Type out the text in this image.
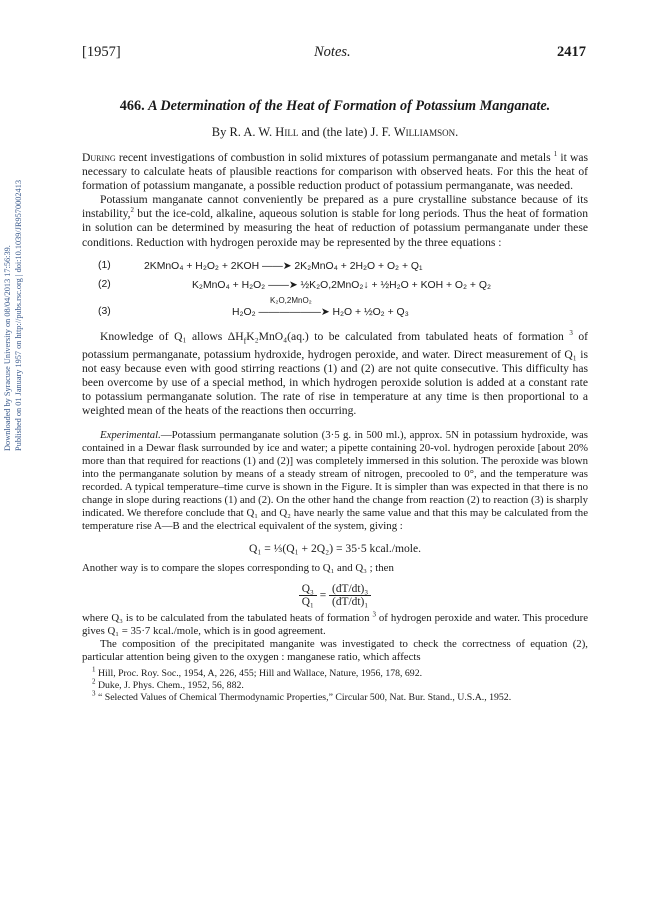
Downloaded by Syracuse University on 08/04/2013 17:56:39. Published on 01 January 1957 on http://pubs.rsc.org | doi:10.1039/JR9570002413
[1957]	Notes.	2417
466. A Determination of the Heat of Formation of Potassium Manganate.
By R. A. W. Hill and (the late) J. F. Williamson.

During recent investigations of combustion in solid mixtures of potassium permanganate and metals $^1$ it was necessary to calculate heats of plausible reactions for comparison with observed heats. For this the heat of formation of potassium manganate, a possible reduction product of potassium permanganate, was needed.

Potassium manganate cannot conveniently be prepared as a pure crystalline substance because of its instability,$^2$ but the ice-cold, alkaline, aqueous solution is stable for long periods. Thus the heat of formation in solution can be determined by measuring the heat of reduction of potassium permanganate under these conditions. Reduction with hydrogen peroxide may be represented by the three equations :

(1)	2KMnO₄ + H₂O₂ + 2KOH ——➤ 2K₂MnO₄ + 2H₂O + O₂ + Q₁
(2)	K₂MnO₄ + H₂O₂ ——➤ ½K₂O,2MnO₂↓ + ½H₂O + KOH + O₂ + Q₂
(3)
K₂O,2MnO₂
H₂O₂ ——————➤ H₂O + ½O₂ + Q₃

Knowledge of Q₁ allows $\Delta H_fK_2MnO_4(aq.)$ to be calculated from tabulated heats of formation $^3$ of potassium permanganate, potassium hydroxide, hydrogen peroxide, and water. Direct measurement of Q₁ is not easy because even with good stirring reactions (1) and (2) are not quite consecutive. This difficulty has been overcome by use of a special method, in which hydrogen peroxide solution is added at a constant rate to potassium permanganate solution. The rate of rise in temperature at any time is then proportional to a weighted mean of the heats of the reactions then occurring.

Experimental.—Potassium permanganate solution (3·5 g. in 500 ml.), approx. 5N in potassium hydroxide, was contained in a Dewar flask surrounded by ice and water; a pipette containing 20-vol. hydrogen peroxide [about 20% more than that required for reactions (1) and (2)] was completely immersed in this solution. The peroxide was blown into the permanganate solution by means of a steady stream of nitrogen, precooled to 0°, and the temperature was recorded. A typical temperature–time curve is shown in the Figure. It is simpler than was expected in that there is no change in slope during reactions (1) and (2). On the other hand the change from reaction (2) to reaction (3) is sharply indicated. We therefore conclude that Q₁ and Q₂ have nearly the same value and that this may be calculated from the temperature rise A—B and the electrical equivalent of the system, giving :

Q₁ = ⅓(Q₁ + 2Q₂) = 35·5 kcal./mole.

Another way is to compare the slopes corresponding to Q₁ and Q₃ ; then

$\frac{\text{Q₃}}{\text{Q₁}} = \frac{\text{(dT/dt)₃}}{\text{(dT/dt)₁}}$

where Q₃ is to be calculated from the tabulated heats of formation $^3$ of hydrogen peroxide and water. This procedure gives Q₁ = 35·7 kcal./mole, which is in good agreement.

The composition of the precipitated manganite was investigated to check the correctness of equation (2), particular attention being given to the oxygen : manganese ratio, which affects

$^1$ Hill, Proc. Roy. Soc., 1954, A, 226, 455; Hill and Wallace, Nature, 1956, 178, 692.
$^2$ Duke, J. Phys. Chem., 1952, 56, 882.
$^3$ “ Selected Values of Chemical Thermodynamic Properties,” Circular 500, Nat. Bur. Stand., U.S.A., 1952.
